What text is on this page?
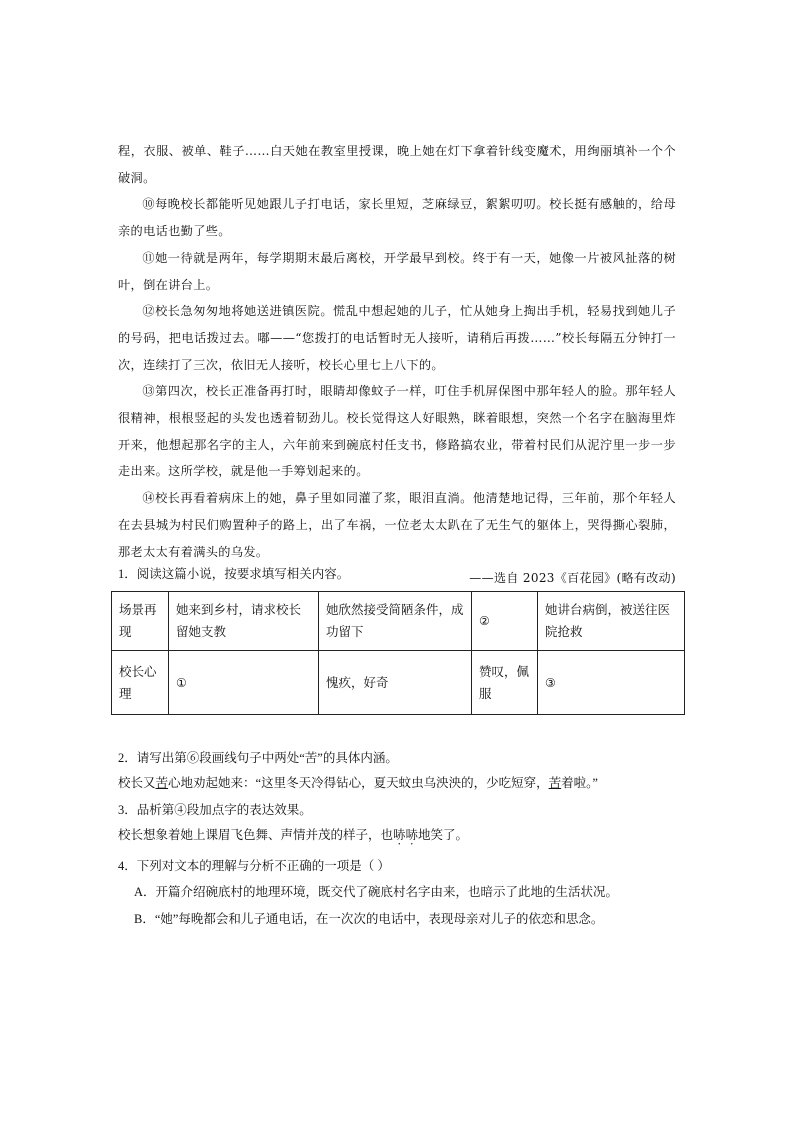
程，衣服、被单、鞋子……白天她在教室里授课，晚上她在灯下拿着针线变魔术，用绚丽填补一个个破洞。

⑩每晚校长都能听见她跟儿子打电话，家长里短，芝麻绿豆，絮絮叨叨。校长挺有感触的，给母亲的电话也勤了些。

⑪她一待就是两年，每学期期末最后离校，开学最早到校。终于有一天，她像一片被风扯落的树叶，倒在讲台上。

⑫校长急匆匆地将她送进镇医院。慌乱中想起她的儿子，忙从她身上掏出手机，轻易找到她儿子的号码，把电话拨过去。嘟——“您拨打的电话暂时无人接听，请稍后再拨……”校长每隔五分钟打一次，连续打了三次，依旧无人接听，校长心里七上八下的。

⑬第四次，校长正准备再打时，眼睛却像蚊子一样，叮住手机屏保图中那年轻人的脸。那年轻人很精神，根根竖起的头发也透着韧劲儿。校长觉得这人好眼熟，眯着眼想，突然一个名字在脑海里炸开来，他想起那名字的主人，六年前来到碗底村任支书，修路搞农业，带着村民们从泥泞里一步一步走出来。这所学校，就是他一手筹划起来的。

⑭校长再看着病床上的她，鼻子里如同灌了浆，眼泪直淌。他清楚地记得，三年前，那个年轻人在去县城为村民们购置种子的路上，出了车祸，一位老太太趴在了无生气的躯体上，哭得撕心裂肺，那老太太有着满头的乌发。

——选自 2023《百花园》(略有改动)

1．阅读这篇小说，按要求填写相关内容。

场景再现	她来到乡村，请求校长留她支教	她欣然接受简陋条件，成功留下	②	她讲台病倒，被送往医院抢救
校长心理	①	愧疚，好奇	赞叹，佩服	③

2．请写出第⑥段画线句子中两处“苦”的具体内涵。

校长又苦心地劝起她来：“这里冬天冷得钻心，夏天蚊虫乌泱泱的，少吃短穿，苦着啦。”

3．品析第④段加点字的表达效果。

校长想象着她上课眉飞色舞、声情并茂的样子，也哧哧地笑了。

4．下列对文本的理解与分析不正确的一项是（ ）

A．开篇介绍碗底村的地理环境，既交代了碗底村名字由来，也暗示了此地的生活状况。

B．“她”每晚都会和儿子通电话，在一次次的电话中，表现母亲对儿子的依恋和思念。
